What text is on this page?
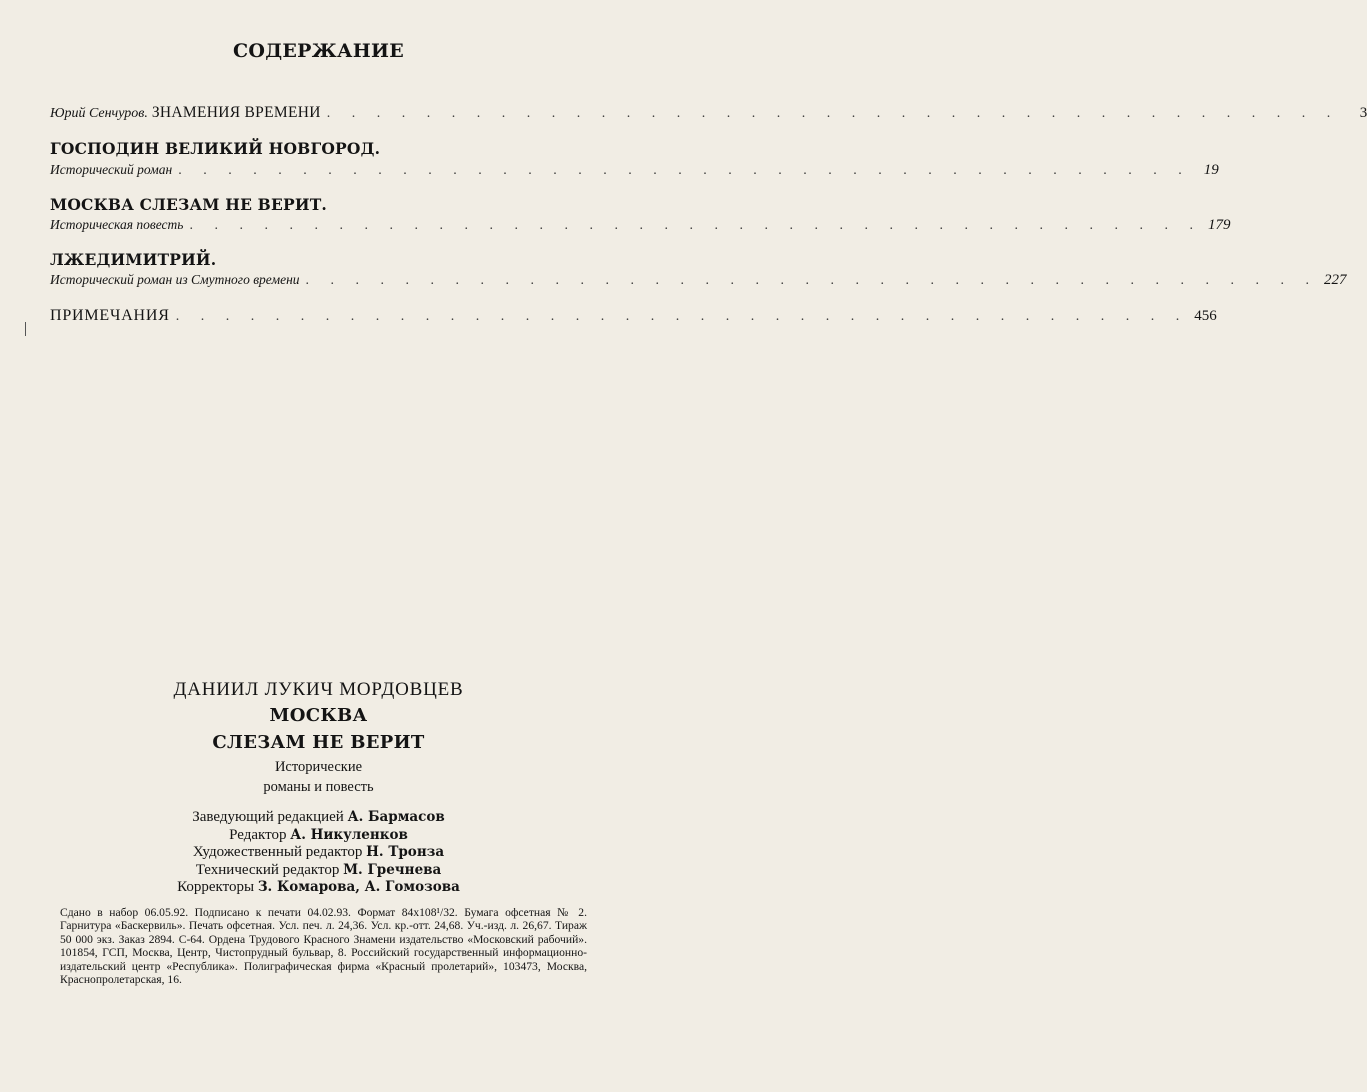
СОДЕРЖАНИЕ
Юрий Сенчуров. ЗНАМЕНИЯ ВРЕМЕНИ . . . . . . . . . . . . . . . . . . . . . . . . . . . . . . . . . . . . . . . . .	3
ГОСПОДИН ВЕЛИКИЙ НОВГОРОД.
Исторический роман . . . . . . . . . . . . . . . . . . . . . . . . . . . . . . . . . . . . . . . . . 19
МОСКВА СЛЕЗАМ НЕ ВЕРИТ.
Историческая повесть . . . . . . . . . . . . . . . . . . . . . . . . . . . . . . . . . . . . . . . . . 179
ЛЖЕДИМИТРИЙ.
Исторический роман из Смутного времени . . . . . . . . . . . . . . . . . . . . . . . . . . . . . . . . . . . . . . . . . 227
ПРИМЕЧАНИЯ . . . . . . . . . . . . . . . . . . . . . . . . . . . . . . . . . . . . . . . . . 456
ДАНИИЛ ЛУКИЧ МОРДОВЦЕВ
МОСКВА
СЛЕЗАМ НЕ ВЕРИТ
Исторические
романы и повесть
Заведующий редакцией А. Бармасов
Редактор А. Никуленков
Художественный редактор Н. Тронза
Технический редактор М. Гречнева
Корректоры З. Комарова, А. Гомозова
Сдано в набор 06.05.92. Подписано к печати 04.02.93. Формат 84х108¹/32. Бумага офсетная № 2. Гарнитура «Баскервиль». Печать офсетная. Усл. печ. л. 24,36. Усл. кр.-отт. 24,68. Уч.-изд. л. 26,67. Тираж 50 000 экз. Заказ 2894. С-64. Ордена Трудового Красного Знамени издательство «Московский рабочий». 101854, ГСП, Москва, Центр, Чистопрудный бульвар, 8. Российский государственный информационно-издательский центр «Республика». Полиграфическая фирма «Красный пролетарий», 103473, Москва, Краснопролетарская, 16.
